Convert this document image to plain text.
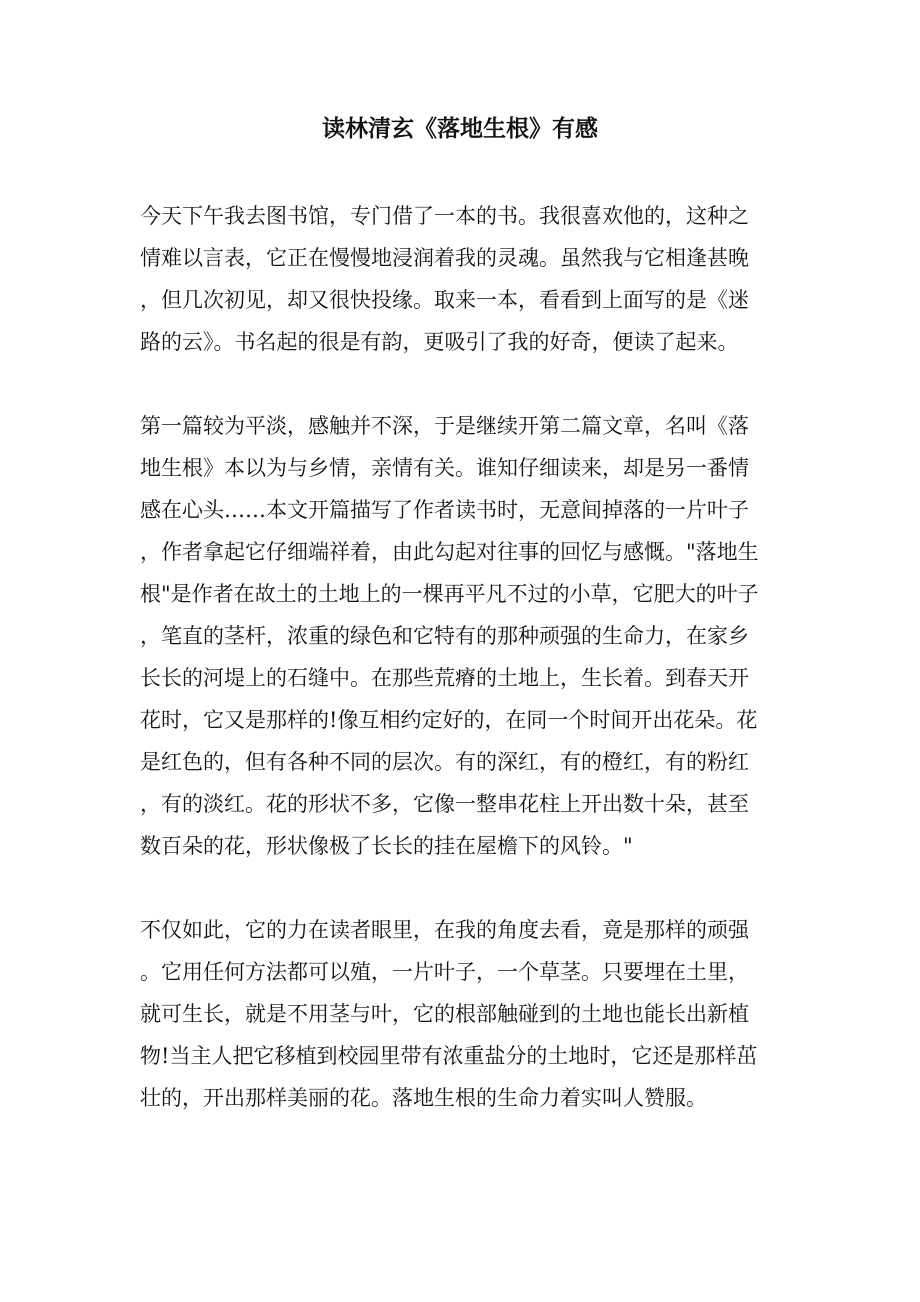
读林清玄《落地生根》有感
今天下午我去图书馆，专门借了一本的书。我很喜欢他的，这种之
情难以言表，它正在慢慢地浸润着我的灵魂。虽然我与它相逢甚晚
，但几次初见，却又很快投缘。取来一本，看看到上面写的是《迷
路的云》。书名起的很是有韵，更吸引了我的好奇，便读了起来。
第一篇较为平淡，感触并不深，于是继续开第二篇文章，名叫《落
地生根》本以为与乡情，亲情有关。谁知仔细读来，却是另一番情
感在心头……本文开篇描写了作者读书时，无意间掉落的一片叶子
，作者拿起它仔细端祥着，由此勾起对往事的回忆与感慨。"落地生
根"是作者在故土的土地上的一棵再平凡不过的小草，它肥大的叶子
，笔直的茎杆，浓重的绿色和它特有的那种顽强的生命力，在家乡
长长的河堤上的石缝中。在那些荒瘠的土地上，生长着。到春天开
花时，它又是那样的!像互相约定好的，在同一个时间开出花朵。花
是红色的，但有各种不同的层次。有的深红，有的橙红，有的粉红
，有的淡红。花的形状不多，它像一整串花柱上开出数十朵，甚至
数百朵的花，形状像极了长长的挂在屋檐下的风铃。"
不仅如此，它的力在读者眼里，在我的角度去看，竟是那样的顽强
。它用任何方法都可以殖，一片叶子，一个草茎。只要埋在土里，
就可生长，就是不用茎与叶，它的根部触碰到的土地也能长出新植
物!当主人把它移植到校园里带有浓重盐分的土地时，它还是那样茁
壮的，开出那样美丽的花。落地生根的生命力着实叫人赞服。
